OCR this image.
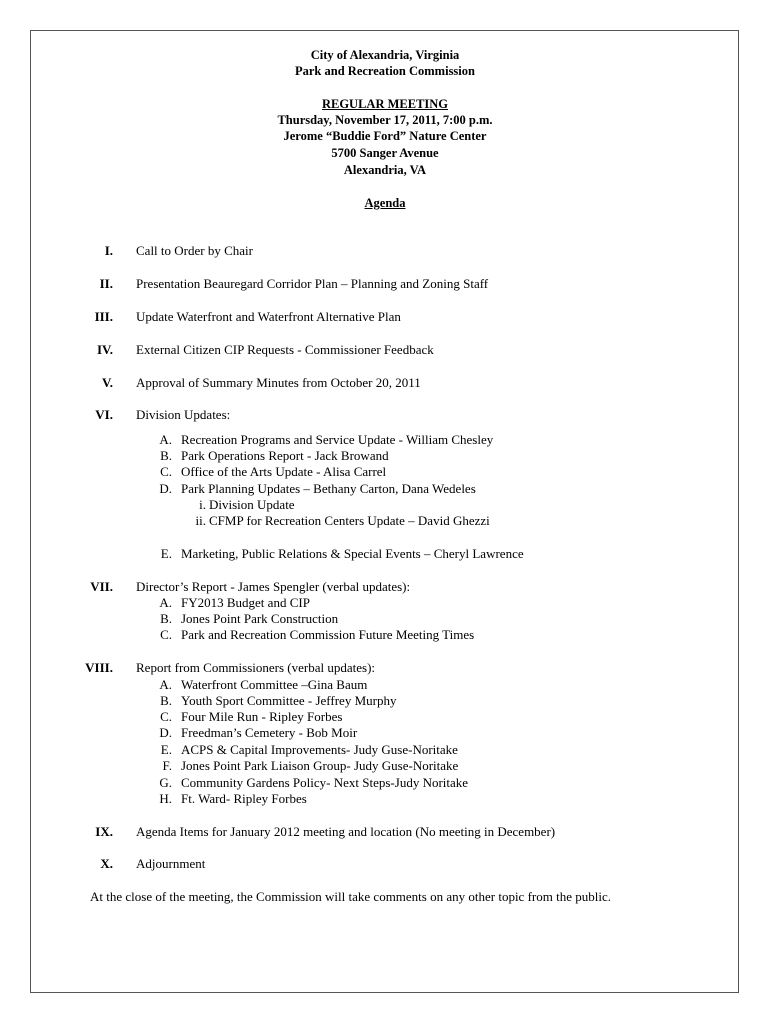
City of Alexandria, Virginia
Park and Recreation Commission
REGULAR MEETING
Thursday, November 17, 2011, 7:00 p.m.
Jerome “Buddie Ford” Nature Center
5700 Sanger Avenue
Alexandria, VA
Agenda
I. Call to Order by Chair
II. Presentation Beauregard Corridor Plan – Planning and Zoning Staff
III. Update Waterfront and Waterfront Alternative Plan
IV. External Citizen CIP Requests - Commissioner Feedback
V. Approval of Summary Minutes from October 20, 2011
VI. Division Updates:
A. Recreation Programs and Service Update - William Chesley
B. Park Operations Report - Jack Browand
C. Office of the Arts Update - Alisa Carrel
D. Park Planning Updates – Bethany Carton, Dana Wedeles
i. Division Update
ii. CFMP for Recreation Centers Update – David Ghezzi
E. Marketing, Public Relations & Special Events – Cheryl Lawrence
VII. Director’s Report - James Spengler (verbal updates):
A. FY2013 Budget and CIP
B. Jones Point Park Construction
C. Park and Recreation Commission Future Meeting Times
VIII. Report from Commissioners (verbal updates):
A. Waterfront Committee –Gina Baum
B. Youth Sport Committee - Jeffrey Murphy
C. Four Mile Run - Ripley Forbes
D. Freedman’s Cemetery - Bob Moir
E. ACPS & Capital Improvements- Judy Guse-Noritake
F. Jones Point Park Liaison Group- Judy Guse-Noritake
G. Community Gardens Policy- Next Steps-Judy Noritake
H. Ft. Ward- Ripley Forbes
IX. Agenda Items for January 2012 meeting and location (No meeting in December)
X. Adjournment
At the close of the meeting, the Commission will take comments on any other topic from the public.
